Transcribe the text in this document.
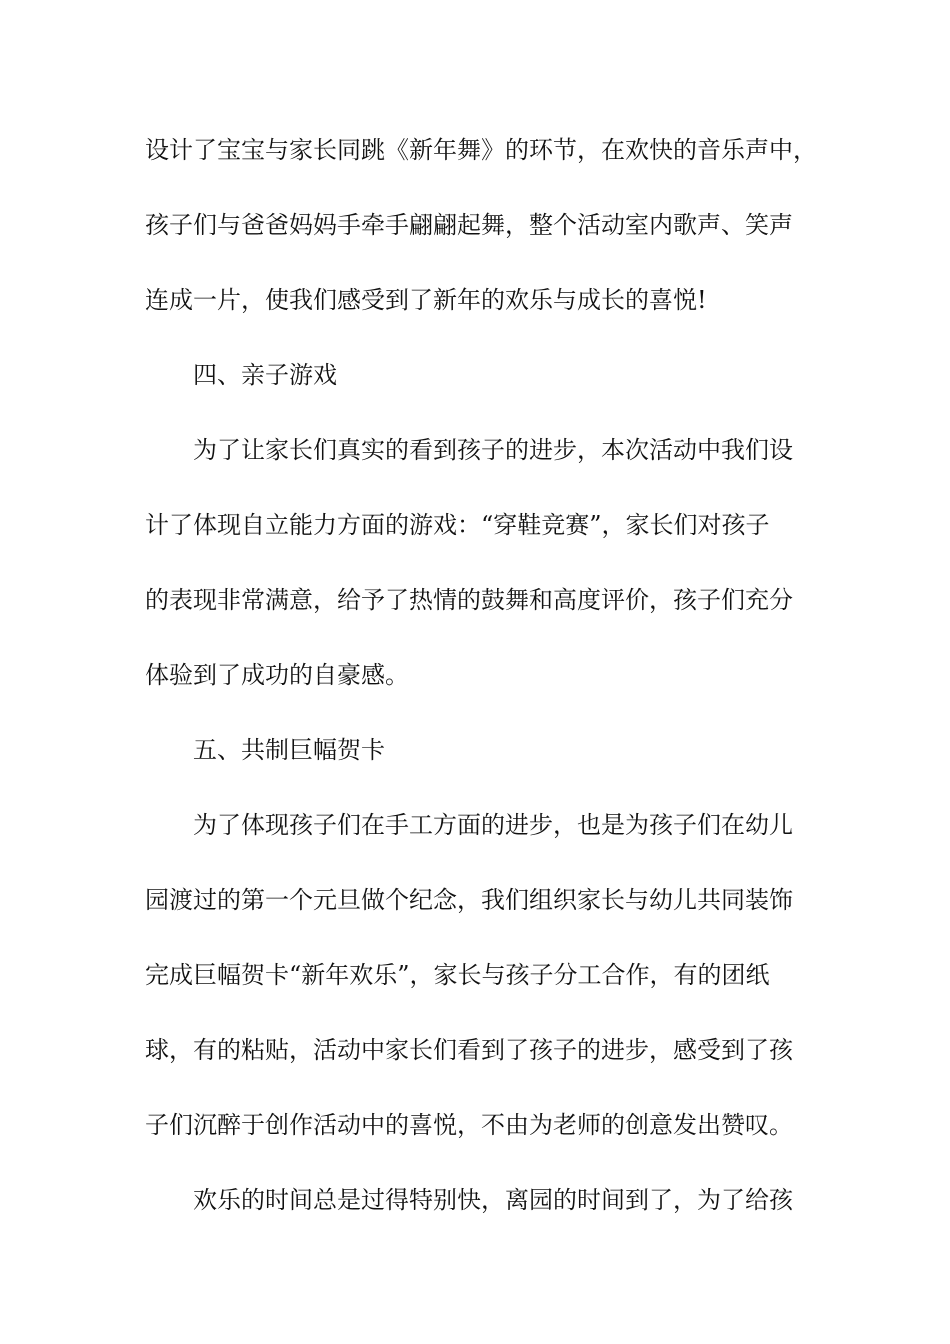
设计了宝宝与家长同跳《新年舞》的环节，在欢快的音乐声中，

孩子们与爸爸妈妈手牵手翩翩起舞，整个活动室内歌声、笑声

连成一片，使我们感受到了新年的欢乐与成长的喜悦!

四、亲子游戏

为了让家长们真实的看到孩子的进步，本次活动中我们设

计了体现自立能力方面的游戏：“穿鞋竞赛”，家长们对孩子

的表现非常满意，给予了热情的鼓舞和高度评价，孩子们充分

体验到了成功的自豪感。

五、共制巨幅贺卡

为了体现孩子们在手工方面的进步，也是为孩子们在幼儿

园渡过的第一个元旦做个纪念，我们组织家长与幼儿共同装饰

完成巨幅贺卡“新年欢乐”，家长与孩子分工合作，有的团纸

球，有的粘贴，活动中家长们看到了孩子的进步，感受到了孩

子们沉醉于创作活动中的喜悦，不由为老师的创意发出赞叹。

欢乐的时间总是过得特别快，离园的时间到了，为了给孩
